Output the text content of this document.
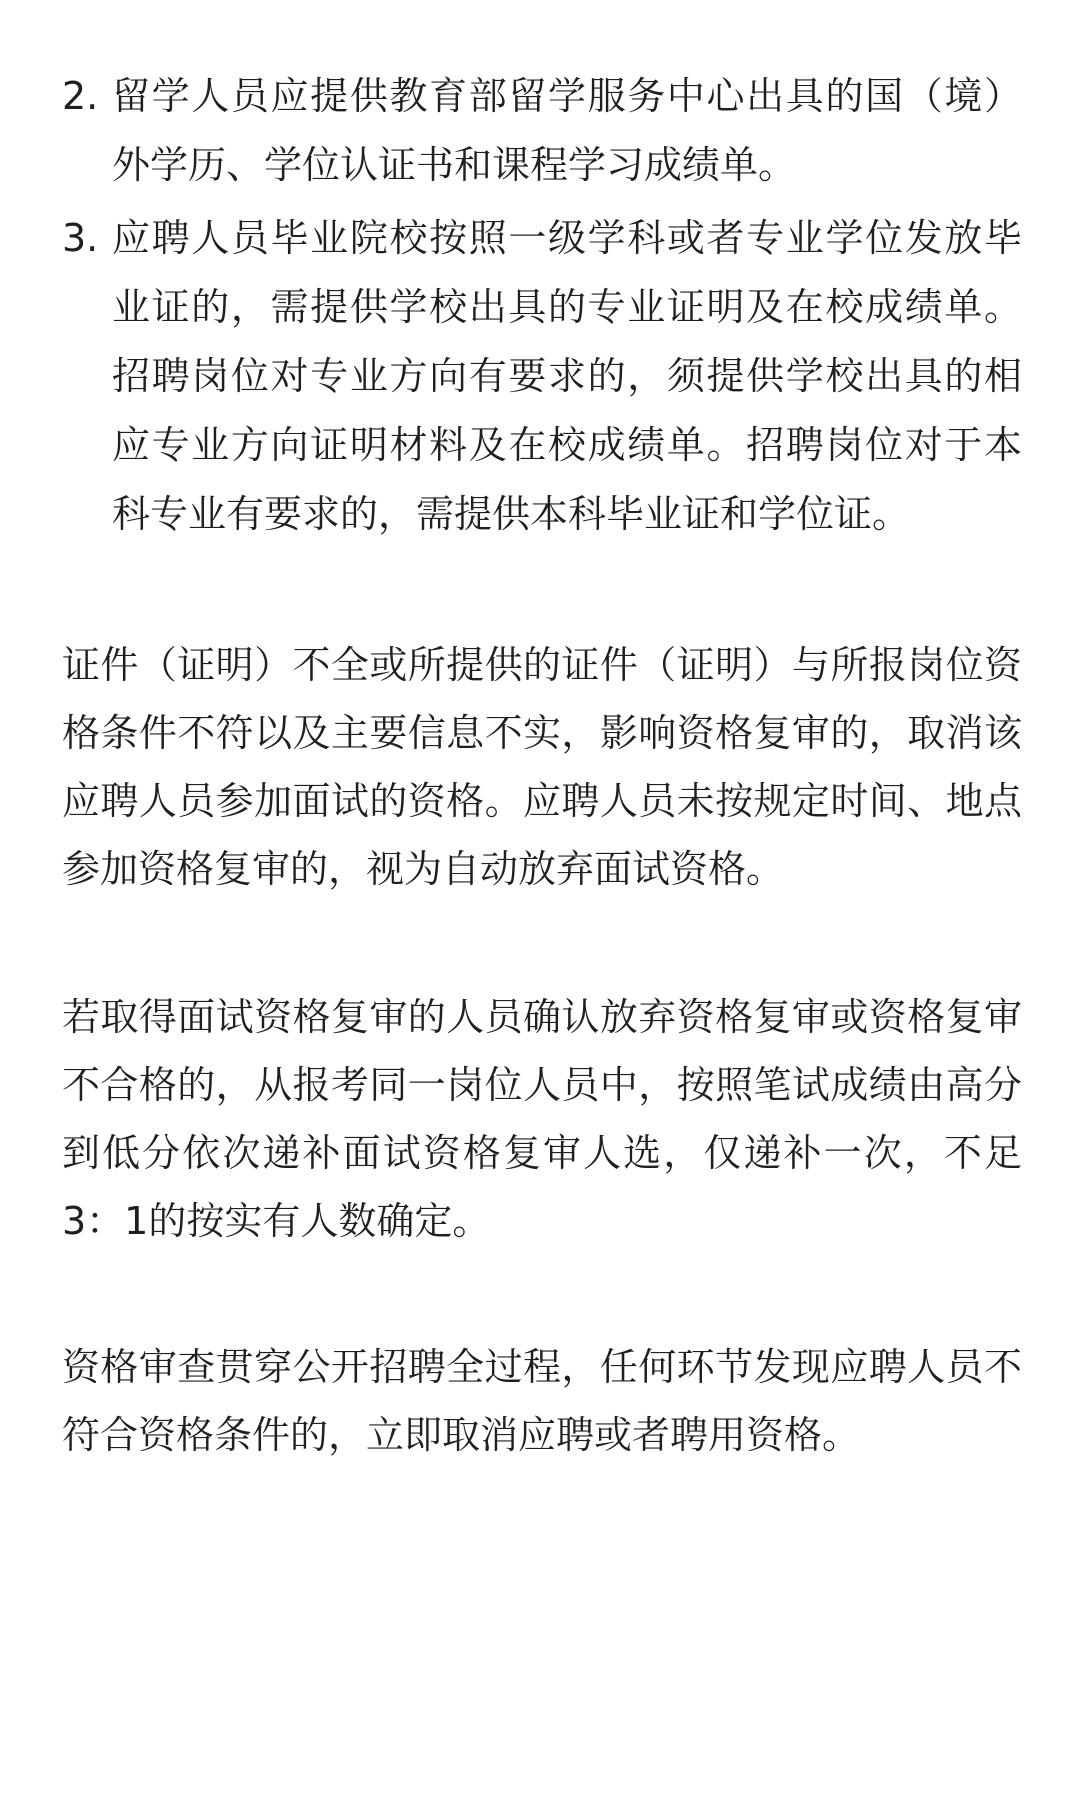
2. 留学人员应提供教育部留学服务中心出具的国（境）外学历、学位认证书和课程学习成绩单。
3. 应聘人员毕业院校按照一级学科或者专业学位发放毕业证的，需提供学校出具的专业证明及在校成绩单。招聘岗位对专业方向有要求的，须提供学校出具的相应专业方向证明材料及在校成绩单。招聘岗位对于本科专业有要求的，需提供本科毕业证和学位证。

证件（证明）不全或所提供的证件（证明）与所报岗位资格条件不符以及主要信息不实，影响资格复审的，取消该应聘人员参加面试的资格。应聘人员未按规定时间、地点参加资格复审的，视为自动放弃面试资格。

若取得面试资格复审的人员确认放弃资格复审或资格复审不合格的，从报考同一岗位人员中，按照笔试成绩由高分到低分依次递补面试资格复审人选，仅递补一次，不足3：1的按实有人数确定。

资格审查贯穿公开招聘全过程，任何环节发现应聘人员不符合资格条件的，立即取消应聘或者聘用资格。
